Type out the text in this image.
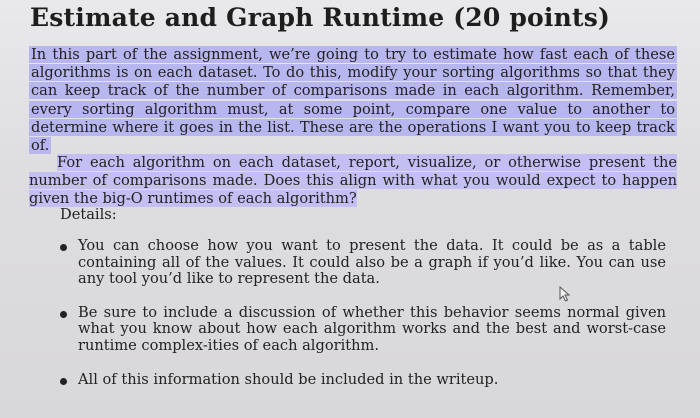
Estimate and Graph Runtime (20 points)

In this part of the assignment, we’re going to try to estimate how fast each of these algorithms is on each dataset. To do this, modify your sorting algorithms so that they can keep track of the number of comparisons made in each algorithm. Remember, every sorting algorithm must, at some point, compare one value to another to determine where it goes in the list. These are the operations I want you to keep track of.

For each algorithm on each dataset, report, visualize, or otherwise present the number of comparisons made. Does this align with what you would expect to happen given the big-O runtimes of each algorithm?

Details:

You can choose how you want to present the data. It could be as a table containing all of the values. It could also be a graph if you’d like. You can use any tool you’d like to represent the data.
Be sure to include a discussion of whether this behavior seems normal given what you know about how each algorithm works and the best and worst-case runtime complex-ities of each algorithm.
All of this information should be included in the writeup.
